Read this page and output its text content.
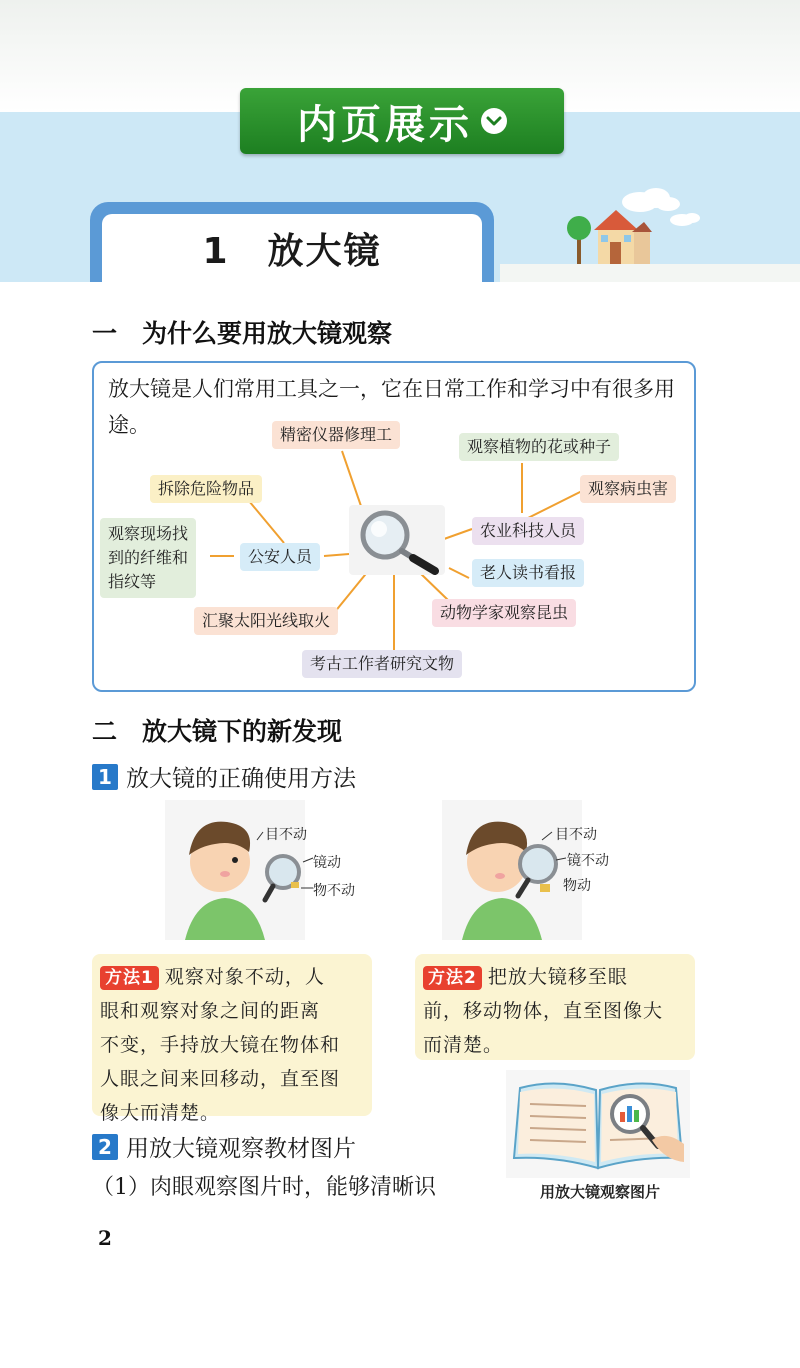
内页展示
1　放大镜
一　为什么要用放大镜观察
放大镜是人们常用工具之一，它在日常工作和学习中有很多用途。	精密仪器修理工
观察植物的花或种子
观察病虫害
农业科技人员
拆除危险物品
公安人员
观察现场找
到的纤维和
指纹等	老人读书看报
汇聚太阳光线取火	动物学家观察昆虫
考古工作者研究文物
二　放大镜下的新发现
1 放大镜的正确使用方法
目不动
镜动
物不动
目不动
镜不动
物动
方法1 观察对象不动，人
眼和观察对象之间的距离
不变，手持放大镜在物体和
人眼之间来回移动，直至图
像大而清楚。
方法2 把放大镜移至眼
前，移动物体，直至图像大
而清楚。
用放大镜观察图片
2 用放大镜观察教材图片
（1）肉眼观察图片时，能够清晰识
2
